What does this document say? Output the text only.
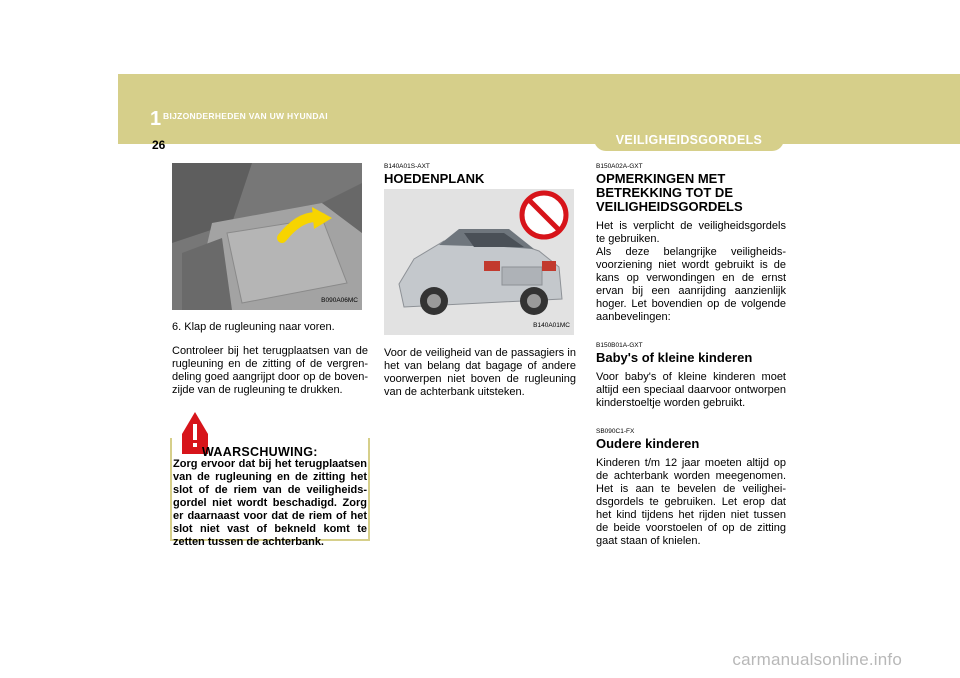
1 BIJZONDERHEDEN VAN UW HYUNDAI
26	VEILIGHEIDSGORDELS
B090A06MC

6. Klap de rugleuning naar voren.

Controleer bij het terugplaatsen van de rugleuning en de zitting of de vergren- deling goed aangrijpt door op de boven- zijde van de rugleuning te drukken.

WAARSCHUWING:

Zorg ervoor dat bij het terugplaatsen van de rugleuning en de zitting het slot of de riem van de veiligheids- gordel niet wordt beschadigd. Zorg er daarnaast voor dat de riem of het slot niet vast of bekneld komt te zetten tussen de achterbank.

B140A01S-AXT
HOEDENPLANK
B140A01MC

Voor de veiligheid van de passagiers in het van belang dat bagage of andere voorwerpen niet boven de rugleuning van de achterbank uitsteken.

B150A02A-GXT
OPMERKINGEN MET BETREKKING TOT DE VEILIGHEIDSGORDELS

Het is verplicht de veiligheidsgordels te gebruiken.

Als deze belangrijke veiligheids- voorziening niet wordt gebruikt is de kans op verwondingen en de ernst ervan bij een aanrijding aanzienlijk hoger. Let bovendien op de volgende aanbevelingen:

B150B01A-GXT
Baby's of kleine kinderen

Voor baby's of kleine kinderen moet altijd een speciaal daarvoor ontworpen kinderstoeltje worden gebruikt.

SB090C1-FX
Oudere kinderen

Kinderen t/m 12 jaar moeten altijd op de achterbank worden meegenomen. Het is aan te bevelen de veilighei- dsgordels te gebruiken. Let erop dat het kind tijdens het rijden niet tussen de beide voorstoelen of op de zitting gaat staan of knielen.

carmanualsonline.info
